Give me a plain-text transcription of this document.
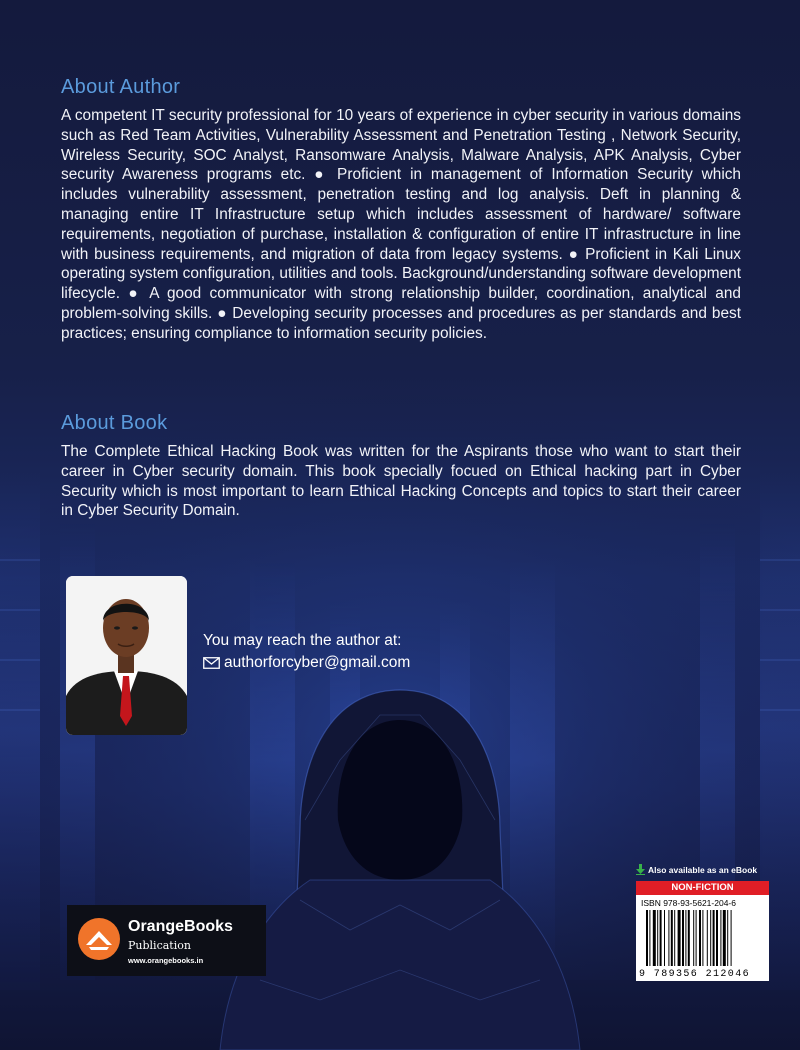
About Author

A competent IT security professional for 10 years of experience in cyber security in various domains such as Red Team Activities, Vulnerability Assessment and Penetration Testing , Network Security, Wireless Security, SOC Analyst, Ransomware Analysis, Malware Analysis, APK Analysis, Cyber security Awareness programs etc. ● Proficient in management of Information Security which includes vulnerability assessment, penetration testing and log analysis. Deft in planning & managing entire IT Infrastructure setup which includes assessment of hardware/ software requirements, negotiation of purchase, installation & configuration of entire IT infrastructure in line with business requirements, and migration of data from legacy systems. ● Proficient in Kali Linux operating system configuration, utilities and tools. Background/understanding software development lifecycle. ● A good communicator with strong relationship builder, coordination, analytical and problem-solving skills. ● Developing security processes and procedures as per standards and best practices; ensuring compliance to information security policies.

About Book

The Complete Ethical Hacking Book was written for the Aspirants those who want to start their career in Cyber security domain. This book specially focued on Ethical hacking part in Cyber Security which is most important to learn Ethical Hacking Concepts and topics to start their career in Cyber Security Domain.

You may reach the author at:
authorforcyber@gmail.com
OrangeBooks
Publication
www.orangebooks.in
Also available as an eBook
NON-FICTION
ISBN 978-93-5621-204-6
9 789356 212046
